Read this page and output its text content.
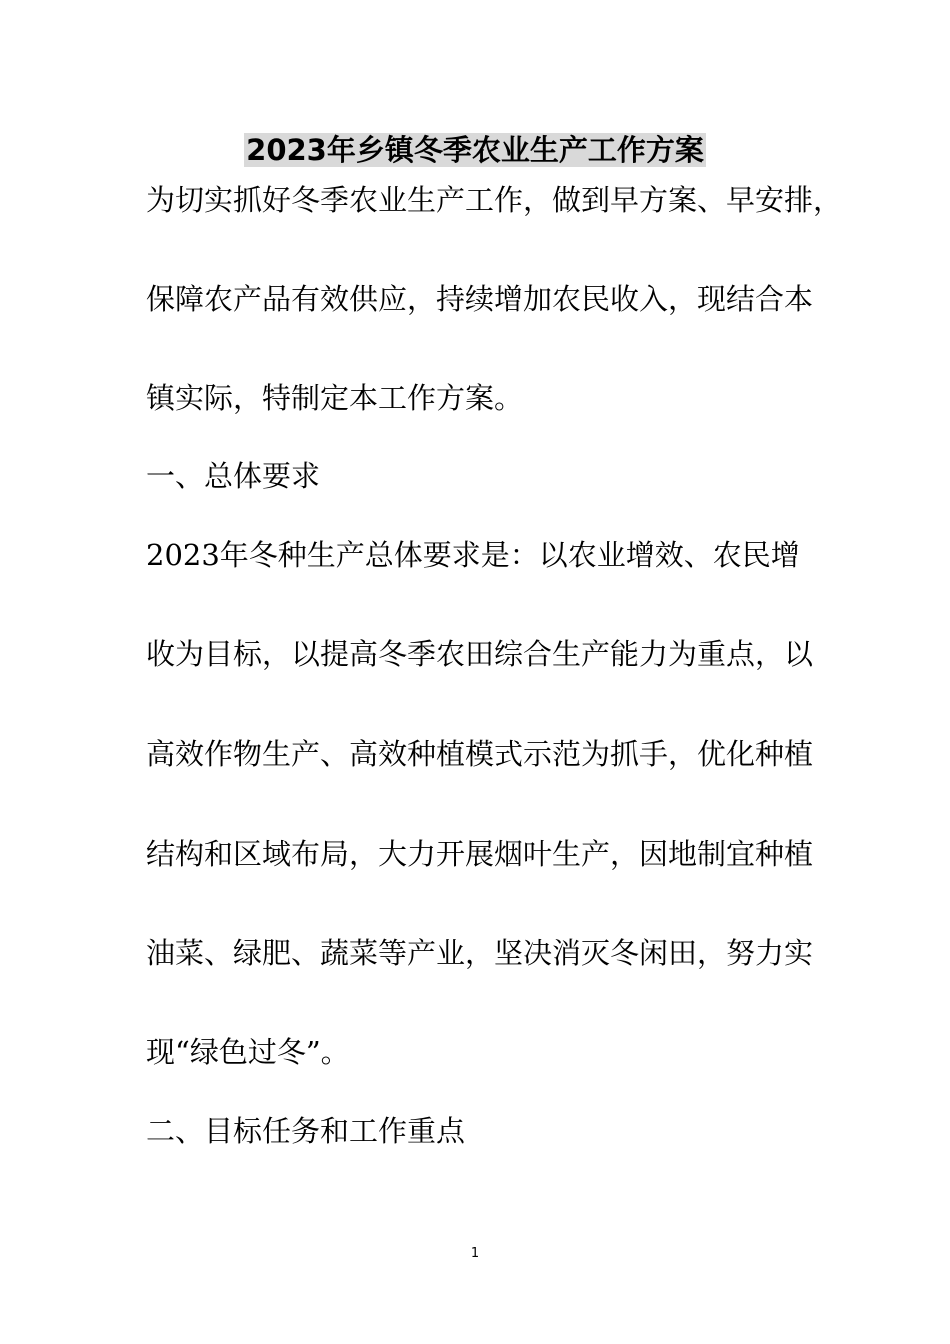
2023年乡镇冬季农业生产工作方案
为切实抓好冬季农业生产工作，做到早方案、早安排，
保障农产品有效供应，持续增加农民收入，现结合本
镇实际，特制定本工作方案。
一、总体要求
2023年冬种生产总体要求是：以农业增效、农民增
收为目标，以提高冬季农田综合生产能力为重点，以
高效作物生产、高效种植模式示范为抓手，优化种植
结构和区域布局，大力开展烟叶生产，因地制宜种植
油菜、绿肥、蔬菜等产业，坚决消灭冬闲田，努力实
现“绿色过冬”。
二、目标任务和工作重点
1
